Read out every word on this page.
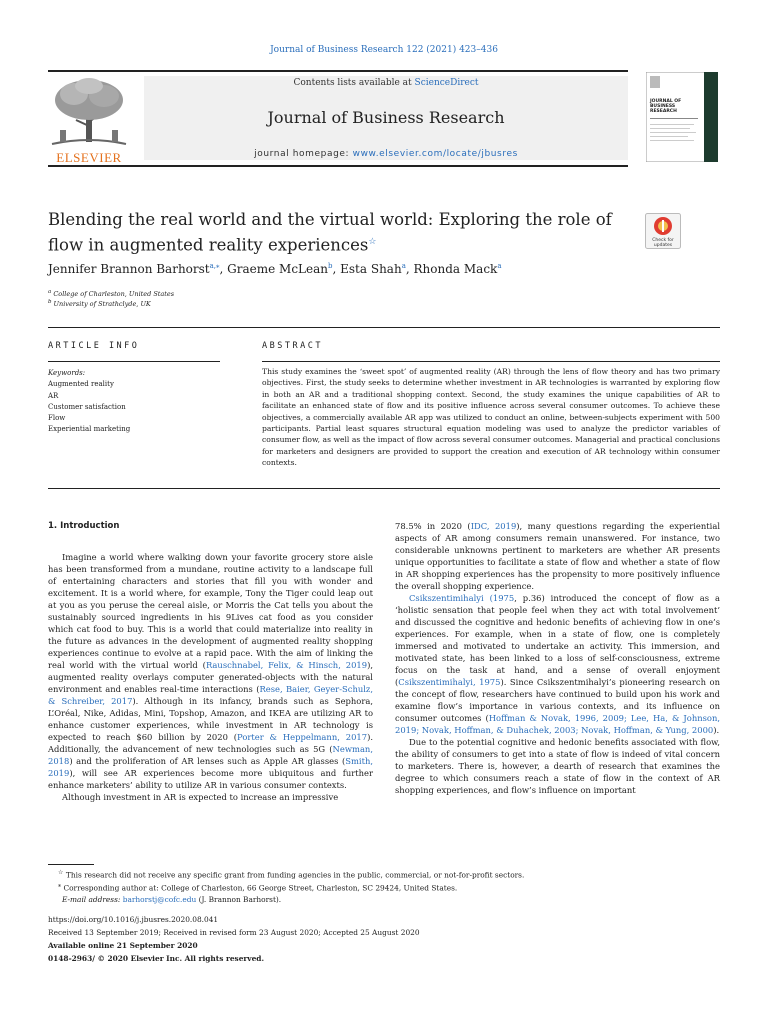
Journal of Business Research 122 (2021) 423–436
ELSEVIER
Contents lists available at ScienceDirect
Journal of Business Research
journal homepage: www.elsevier.com/locate/jbusres
JOURNAL OF
BUSINESS
RESEARCH
Blending the real world and the virtual world: Exploring the role of flow in augmented reality experiences☆	Check for
updates
Jennifer Brannon Barhorst$^{a,⁎}$, Graeme McLean$^b$, Esta Shah$^a$, Rhonda Mack$^a$
$^a$ College of Charleston, United States
$^b$ University of Strathclyde, UK
ARTICLE INFO	ABSTRACT
Keywords:
Augmented reality
AR
Customer satisfaction
Flow
Experiential marketing

This study examines the ‘sweet spot’ of augmented reality (AR) through the lens of flow theory and has two primary objectives. First, the study seeks to determine whether investment in AR technologies is warranted by exploring flow in both an AR and a traditional shopping context. Second, the study examines the unique capabilities of AR to facilitate an enhanced state of flow and its positive influence across several consumer outcomes. To achieve these objectives, a commercially available AR app was utilized to conduct an online, between-subjects experiment with 500 participants. Partial least squares structural equation modeling was used to analyze the predictor variables of consumer flow, as well as the impact of flow across several consumer outcomes. Managerial and practical conclusions for marketers and designers are provided to support the creation and execution of AR technology within consumer contexts.

1. Introduction

Imagine a world where walking down your favorite grocery store aisle has been transformed from a mundane, routine activity to a landscape full of entertaining characters and stories that fill you with wonder and excitement. It is a world where, for example, Tony the Tiger could leap out at you as you peruse the cereal aisle, or Morris the Cat tells you about the sustainably sourced ingredients in his 9Lives cat food as you consider which cat food to buy. This is a world that could materialize into reality in the future as advances in the development of augmented reality shopping experiences continue to evolve at a rapid pace. With the aim of linking the real world with the virtual world (Rauschnabel, Felix, & Hinsch, 2019), augmented reality overlays computer generated-objects with the natural environment and enables real-time interactions (Rese, Baier, Geyer-Schulz, & Schreiber, 2017). Although in its infancy, brands such as Sephora, L’Oréal, Nike, Adidas, Mini, Topshop, Amazon, and IKEA are utilizing AR to enhance customer experiences, while investment in AR technology is expected to reach $60 billion by 2020 (Porter & Heppelmann, 2017). Additionally, the advancement of new technologies such as 5G (Newman, 2018) and the proliferation of AR lenses such as Apple AR glasses (Smith, 2019), will see AR experiences become more ubiquitous and further enhance marketers’ ability to utilize AR in various consumer contexts.

Although investment in AR is expected to increase an impressive

78.5% in 2020 (IDC, 2019), many questions regarding the experiential aspects of AR among consumers remain unanswered. For instance, two considerable unknowns pertinent to marketers are whether AR presents unique opportunities to facilitate a state of flow and whether a state of flow in AR shopping experiences has the propensity to more positively influence the overall shopping experience.

Csikszentimihalyi (1975, p.36) introduced the concept of flow as a ‘holistic sensation that people feel when they act with total involvement’ and discussed the cognitive and hedonic benefits of achieving flow in one’s experiences. For example, when in a state of flow, one is completely immersed and motivated to undertake an activity. This immersion, and motivated state, has been linked to a loss of self-consciousness, extreme focus on the task at hand, and a sense of overall enjoyment (Csikszentimihalyi, 1975). Since Csikszentmihalyi’s pioneering research on the concept of flow, researchers have continued to build upon his work and examine flow’s importance in various contexts, and its influence on consumer outcomes (Hoffman & Novak, 1996, 2009; Lee, Ha, & Johnson, 2019; Novak, Hoffman, & Duhachek, 2003; Novak, Hoffman, & Yung, 2000).

Due to the potential cognitive and hedonic benefits associated with flow, the ability of consumers to get into a state of flow is indeed of vital concern to marketers. There is, however, a dearth of research that examines the degree to which consumers reach a state of flow in the context of AR shopping experiences, and flow’s influence on important

☆ This research did not receive any specific grant from funding agencies in the public, commercial, or not-for-profit sectors.
⁎ Corresponding author at: College of Charleston, 66 George Street, Charleston, SC 29424, United States.
E-mail address: barhorstj@cofc.edu (J. Brannon Barhorst).
https://doi.org/10.1016/j.jbusres.2020.08.041
Received 13 September 2019; Received in revised form 23 August 2020; Accepted 25 August 2020
Available online 21 September 2020
0148-2963/ © 2020 Elsevier Inc. All rights reserved.
